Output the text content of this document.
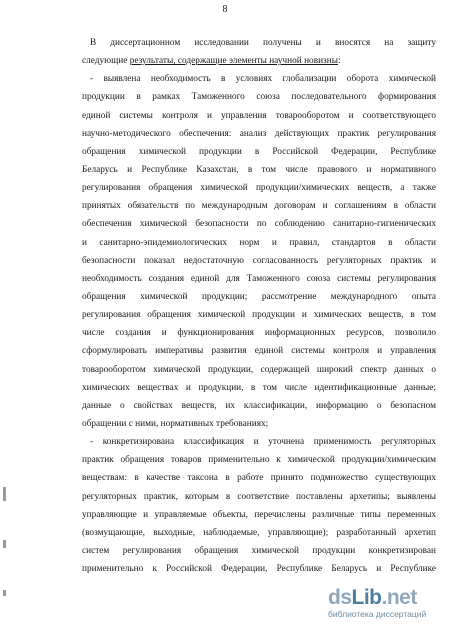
8
В диссертационном исследовании получены и вносятся на защиту
следующие результаты, содержащие элементы научной новизны:
- выявлена необходимость в условиях глобализации оборота химической
продукции в рамках Таможенного союза последовательного формирования
единой системы контроля и управления товарооборотом и соответствующего
научно-методического обеспечения: анализ действующих практик регулирования
обращения химической продукции в Российской Федерации, Республике
Беларусь и Республике Казахстан, в том числе правового и нормативного
регулирования обращения химической продукции/химических веществ, а также
принятых обязательств по международным договорам и соглашениям в области
обеспечения химической безопасности по соблюдению санитарно-гигиенических
и санитарно-эпидемиологических норм и правил, стандартов в области
безопасности показал недостаточную согласованность регуляторных практик и
необходимость создания единой для Таможенного союза системы регулирования
обращения химической продукции; рассмотрение международного опыта
регулирования обращения химической продукции и химических веществ, в том
числе создания и функционирования информационных ресурсов, позволило
сформулировать императивы развития единой системы контроля и управления
товарооборотом химической продукции, содержащей широкий спектр данных о
химических веществах и продукции, в том числе идентификационные данные;
данные о свойствах веществ, их классификации, информацию о безопасном
обращении с ними, нормативных требованиях;
- конкретизирована классификация и уточнена применимость регуляторных
практик обращения товаров применительно к химической продукции/химическим
веществам: в качестве таксона в работе принято подмножество существующих
регуляторных практик, которым в соответствие поставлены архетипы; выявлены
управляющие и управляемые объекты, перечислены различные типы переменных
(возмущающие, выходные, наблюдаемые, управляющие); разработанный архетип
систем регулирования обращения химической продукции конкретизирован
применительно к Российской Федерации, Республике Беларусь и Республике
dsLib.net
библиотека диссертаций
